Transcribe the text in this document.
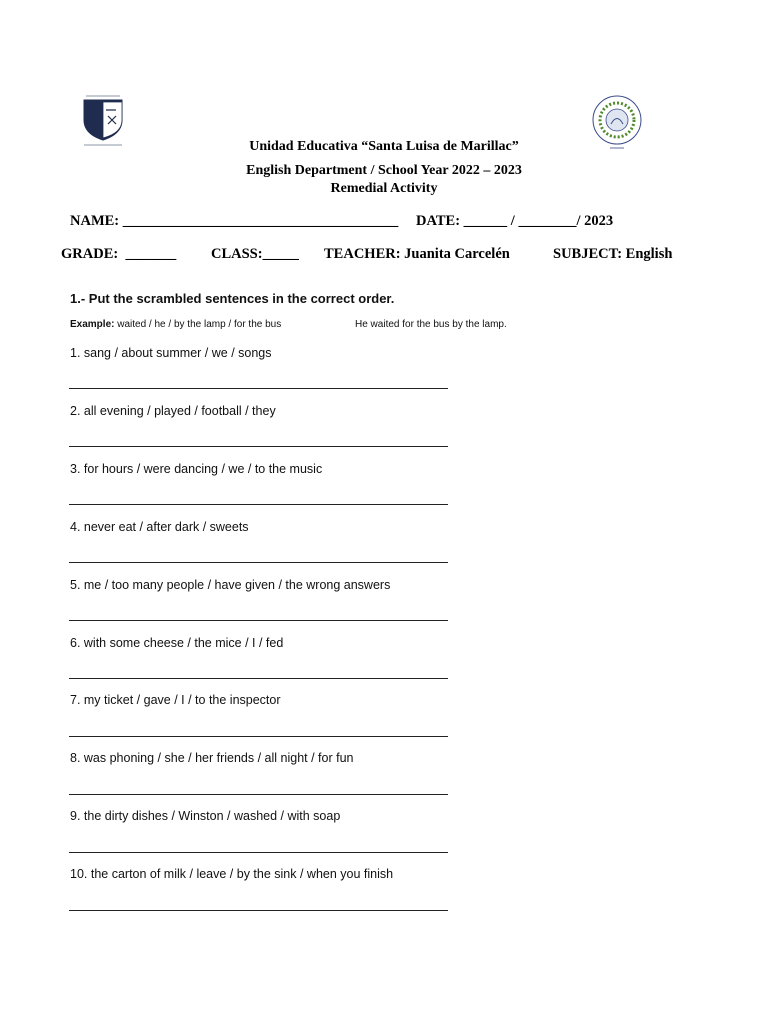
Unidad Educativa “Santa Luisa de Marillac”
English Department / School Year 2022 – 2023
Remedial Activity
NAME: ______________________________________ DATE: ______ / ________/ 2023
GRADE:  _______ CLASS:_____ TEACHER: Juanita Carcelén	SUBJECT: English
1.- Put the scrambled sentences in the correct order.
Example: waited / he / by the lamp / for the bus	He waited for the bus by the lamp.
1. sang / about summer / we / songs
2. all evening / played / football / they
3. for hours / were dancing / we / to the music
4. never eat / after dark / sweets
5. me / too many people / have given / the wrong answers
6. with some cheese / the mice / I / fed
7. my ticket / gave / I / to the inspector
8. was phoning / she / her friends / all night / for fun
9. the dirty dishes / Winston / washed / with soap
10. the carton of milk / leave / by the sink / when you finish
